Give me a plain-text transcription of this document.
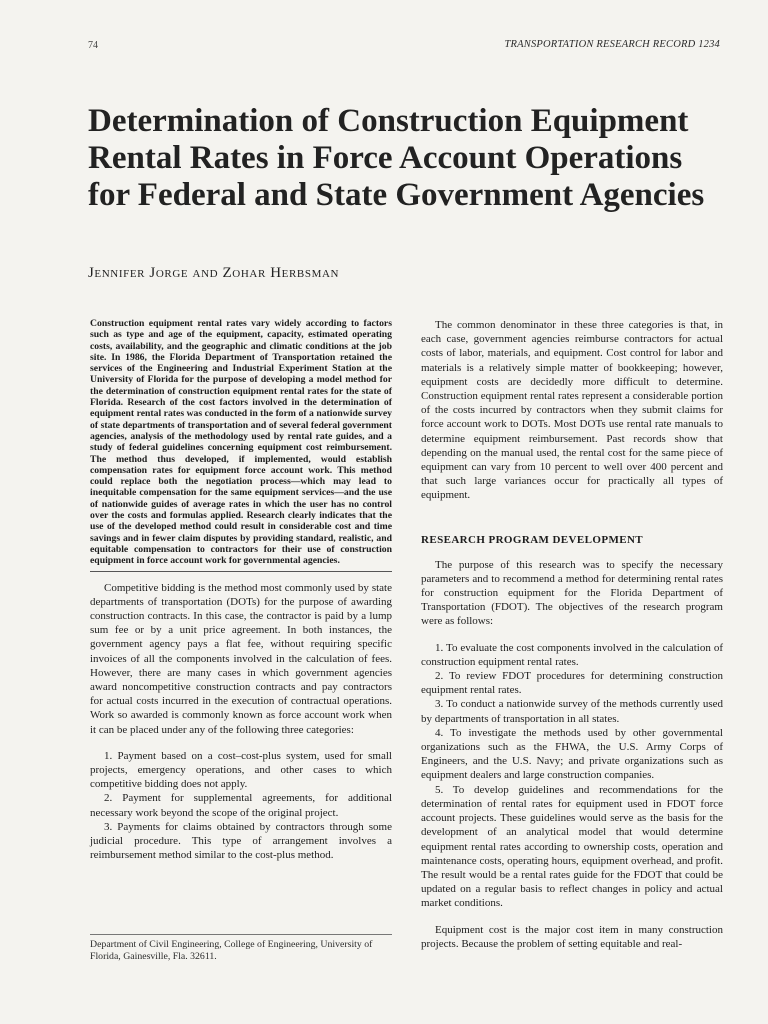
74	TRANSPORTATION RESEARCH RECORD 1234
Determination of Construction Equipment Rental Rates in Force Account Operations for Federal and State Government Agencies
Jennifer Jorge and Zohar Herbsman

Construction equipment rental rates vary widely according to factors such as type and age of the equipment, capacity, estimated operating costs, availability, and the geographic and climatic conditions at the job site. In 1986, the Florida Department of Transportation retained the services of the Engineering and Industrial Experiment Station at the University of Florida for the purpose of developing a model method for the determination of construction equipment rental rates for the state of Florida. Research of the cost factors involved in the determination of equipment rental rates was conducted in the form of a nationwide survey of state departments of transportation and of several federal government agencies, analysis of the methodology used by rental rate guides, and a study of federal guidelines concerning equipment cost reimbursement. The method thus developed, if implemented, would establish compensation rates for equipment force account work. This method could replace both the negotiation process—which may lead to inequitable compensation for the same equipment services—and the use of nationwide guides of average rates in which the user has no control over the costs and formulas applied. Research clearly indicates that the use of the developed method could result in considerable cost and time savings and in fewer claim disputes by providing standard, realistic, and equitable compensation to contractors for their use of construction equipment in force account work for governmental agencies.

Competitive bidding is the method most commonly used by state departments of transportation (DOTs) for the purpose of awarding construction contracts. In this case, the contractor is paid by a lump sum fee or by a unit price agreement. In both instances, the government agency pays a flat fee, without requiring specific invoices of all the components involved in the calculation of fees. However, there are many cases in which government agencies award noncompetitive construction contracts and pay contractors for actual costs incurred in the execution of contractual operations. Work so awarded is commonly known as force account work when it can be placed under any of the following three categories:

1. Payment based on a cost–cost-plus system, used for small projects, emergency operations, and other cases to which competitive bidding does not apply.

2. Payment for supplemental agreements, for additional necessary work beyond the scope of the original project.

3. Payments for claims obtained by contractors through some judicial procedure. This type of arrangement involves a reimbursement method similar to the cost-plus method.

Department of Civil Engineering, College of Engineering, University of Florida, Gainesville, Fla. 32611.

The common denominator in these three categories is that, in each case, government agencies reimburse contractors for actual costs of labor, materials, and equipment. Cost control for labor and materials is a relatively simple matter of bookkeeping; however, equipment costs are decidedly more difficult to determine. Construction equipment rental rates represent a considerable portion of the costs incurred by contractors when they submit claims for force account work to DOTs. Most DOTs use rental rate manuals to determine equipment reimbursement. Past records show that depending on the manual used, the rental cost for the same piece of equipment can vary from 10 percent to well over 400 percent and that such large variances occur for practically all types of equipment.

RESEARCH PROGRAM DEVELOPMENT

The purpose of this research was to specify the necessary parameters and to recommend a method for determining rental rates for construction equipment for the Florida Department of Transportation (FDOT). The objectives of the research program were as follows:

1. To evaluate the cost components involved in the calculation of construction equipment rental rates.

2. To review FDOT procedures for determining construction equipment rental rates.

3. To conduct a nationwide survey of the methods currently used by departments of transportation in all states.

4. To investigate the methods used by other governmental organizations such as the FHWA, the U.S. Army Corps of Engineers, and the U.S. Navy; and private organizations such as equipment dealers and large construction companies.

5. To develop guidelines and recommendations for the determination of rental rates for equipment used in FDOT force account projects. These guidelines would serve as the basis for the development of an analytical model that would determine equipment rental rates according to ownership costs, operation and maintenance costs, operating hours, equipment overhead, and profit. The result would be a rental rates guide for the FDOT that could be updated on a regular basis to reflect changes in policy and actual market conditions.

Equipment cost is the major cost item in many construction projects. Because the problem of setting equitable and real-
